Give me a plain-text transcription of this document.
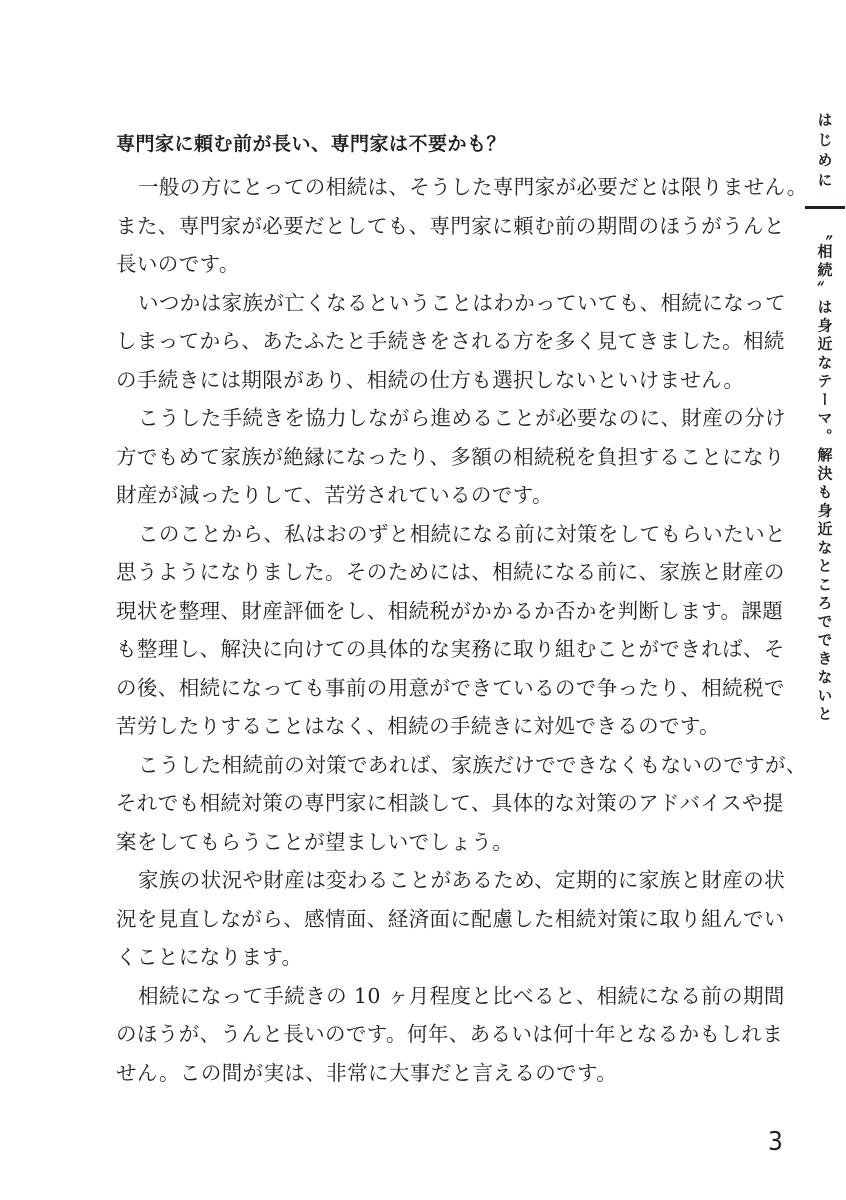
はじめに
〝相続〟は身近なテーマ。解決も身近なところでできないと
専門家に頼む前が長い、専門家は不要かも？
一般の方にとっての相続は、そうした専門家が必要だとは限りません。
また、専門家が必要だとしても、専門家に頼む前の期間のほうがうんと
長いのです。
いつかは家族が亡くなるということはわかっていても、相続になって
しまってから、あたふたと手続きをされる方を多く見てきました。相続
の手続きには期限があり、相続の仕方も選択しないといけません。
こうした手続きを協力しながら進めることが必要なのに、財産の分け
方でもめて家族が絶縁になったり、多額の相続税を負担することになり
財産が減ったりして、苦労されているのです。
このことから、私はおのずと相続になる前に対策をしてもらいたいと
思うようになりました。そのためには、相続になる前に、家族と財産の
現状を整理、財産評価をし、相続税がかかるか否かを判断します。課題
も整理し、解決に向けての具体的な実務に取り組むことができれば、そ
の後、相続になっても事前の用意ができているので争ったり、相続税で
苦労したりすることはなく、相続の手続きに対処できるのです。
こうした相続前の対策であれば、家族だけでできなくもないのですが、
それでも相続対策の専門家に相談して、具体的な対策のアドバイスや提
案をしてもらうことが望ましいでしょう。
家族の状況や財産は変わることがあるため、定期的に家族と財産の状
況を見直しながら、感情面、経済面に配慮した相続対策に取り組んでい
くことになります。
相続になって手続きの 10 ヶ月程度と比べると、相続になる前の期間
のほうが、うんと長いのです。何年、あるいは何十年となるかもしれま
せん。この間が実は、非常に大事だと言えるのです。
3
